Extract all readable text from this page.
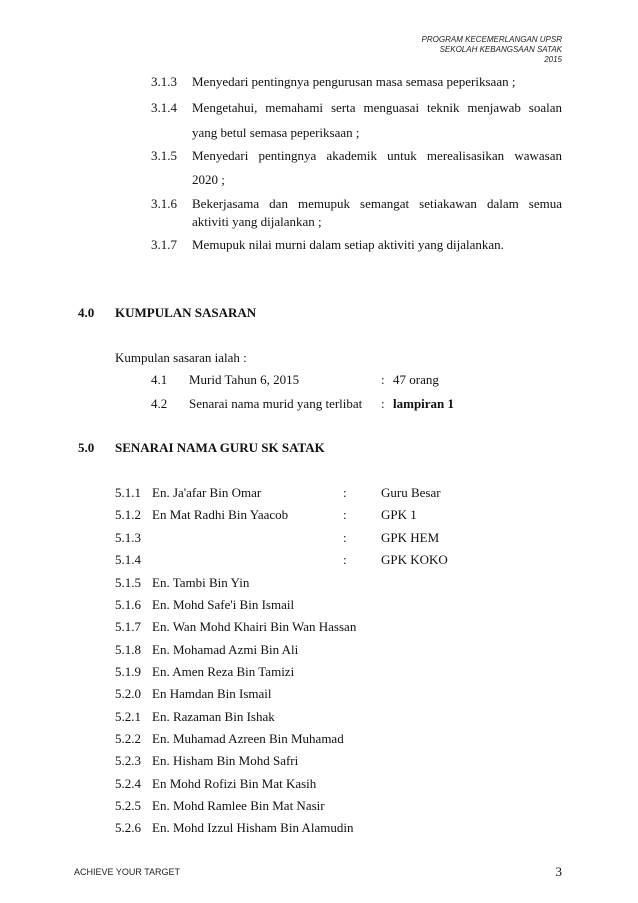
PROGRAM KECEMERLANGAN UPSR
SEKOLAH KEBANGSAAN SATAK
2015
3.1.3 Menyedari pentingnya pengurusan masa semasa peperiksaan ;
3.1.4 Mengetahui, memahami serta menguasai teknik menjawab soalan
yang betul semasa peperiksaan ;
3.1.5 Menyedari pentingnya akademik untuk merealisasikan wawasan
2020 ;
3.1.6 Bekerjasama dan memupuk semangat setiakawan dalam semua
aktiviti yang dijalankan ;
3.1.7 Memupuk nilai murni dalam setiap aktiviti yang dijalankan.
4.0 KUMPULAN SASARAN
Kumpulan sasaran ialah :
4.1 Murid Tahun 6, 2015	: 47 orang
4.2 Senarai nama murid yang terlibat : lampiran 1
5.0 SENARAI NAMA GURU SK SATAK
5.1.1 En. Ja'afar Bin Omar	:	Guru Besar
5.1.2 En Mat Radhi Bin Yaacob	:	GPK 1
5.1.3	:	GPK HEM
5.1.4	:	GPK KOKO
5.1.5 En. Tambi Bin Yin
5.1.6 En. Mohd Safe'i Bin Ismail
5.1.7 En. Wan Mohd Khairi Bin Wan Hassan
5.1.8 En. Mohamad Azmi Bin Ali
5.1.9 En. Amen Reza Bin Tamizi
5.2.0 En Hamdan Bin Ismail
5.2.1 En. Razaman Bin Ishak
5.2.2 En. Muhamad Azreen Bin Muhamad
5.2.3 En. Hisham Bin Mohd Safri
5.2.4 En Mohd Rofizi Bin Mat Kasih
5.2.5 En. Mohd Ramlee Bin Mat Nasir
5.2.6 En. Mohd Izzul Hisham Bin Alamudin
ACHIEVE YOUR TARGET	3
